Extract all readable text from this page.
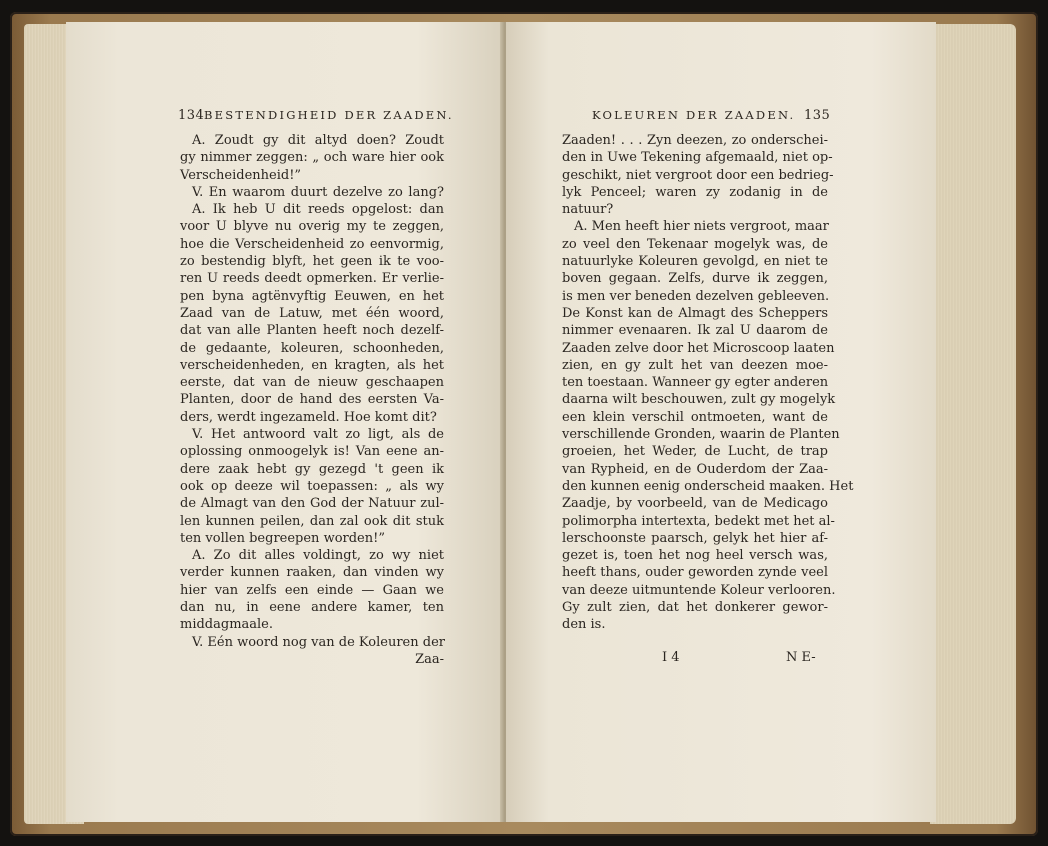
134 BESTENDIGHEID DER ZAADEN.
A. Zoudt gy dit altyd doen? Zoudt
gy nimmer zeggen: „ och ware hier ook
Verscheidenheid!”
V. En waarom duurt dezelve zo lang?
A. Ik heb U dit reeds opgelost: dan
voor U blyve nu overig my te zeggen,
hoe die Verscheidenheid zo eenvormig,
zo bestendig blyft, het geen ik te voo-
ren U reeds deedt opmerken. Er verlie-
pen byna agtënvyftig Eeuwen, en het
Zaad van de Latuw, met één woord,
dat van alle Planten heeft noch dezelf-
de gedaante, koleuren, schoonheden,
verscheidenheden, en kragten, als het
eerste, dat van de nieuw geschaapen
Planten, door de hand des eersten Va-
ders, werdt ingezameld. Hoe komt dit?
V. Het antwoord valt zo ligt, als de
oplossing onmoogelyk is! Van eene an-
dere zaak hebt gy gezegd 't geen ik
ook op deeze wil toepassen: „ als wy
de Almagt van den God der Natuur zul-
len kunnen peilen, dan zal ook dit stuk
ten vollen begreepen worden!”
A. Zo dit alles voldingt, zo wy niet
verder kunnen raaken, dan vinden wy
hier van zelfs een einde — Gaan we
dan nu, in eene andere kamer, ten
middagmaale.
V. Eén woord nog van de Koleuren der
Zaa-
KOLEUREN DER ZAADEN. 135
Zaaden! . . . Zyn deezen, zo onderschei-
den in Uwe Tekening afgemaald, niet op-
geschikt, niet vergroot door een bedrieg-
lyk Penceel; waren zy zodanig in de
natuur?
A. Men heeft hier niets vergroot, maar
zo veel den Tekenaar mogelyk was, de
natuurlyke Koleuren gevolgd, en niet te
boven gegaan. Zelfs, durve ik zeggen,
is men ver beneden dezelven gebleeven.
De Konst kan de Almagt des Scheppers
nimmer evenaaren. Ik zal U daarom de
Zaaden zelve door het Microscoop laaten
zien, en gy zult het van deezen moe-
ten toestaan. Wanneer gy egter anderen
daarna wilt beschouwen, zult gy mogelyk
een klein verschil ontmoeten, want de
verschillende Gronden, waarin de Planten
groeien, het Weder, de Lucht, de trap
van Rypheid, en de Ouderdom der Zaa-
den kunnen eenig onderscheid maaken. Het
Zaadje, by voorbeeld, van de Medicago
polimorpha intertexta, bedekt met het al-
lerschoonste paarsch, gelyk het hier af-
gezet is, toen het nog heel versch was,
heeft thans, ouder geworden zynde veel
van deeze uitmuntende Koleur verlooren.
Gy zult zien, dat het donkerer gewor-
den is.
I 4	N E-
